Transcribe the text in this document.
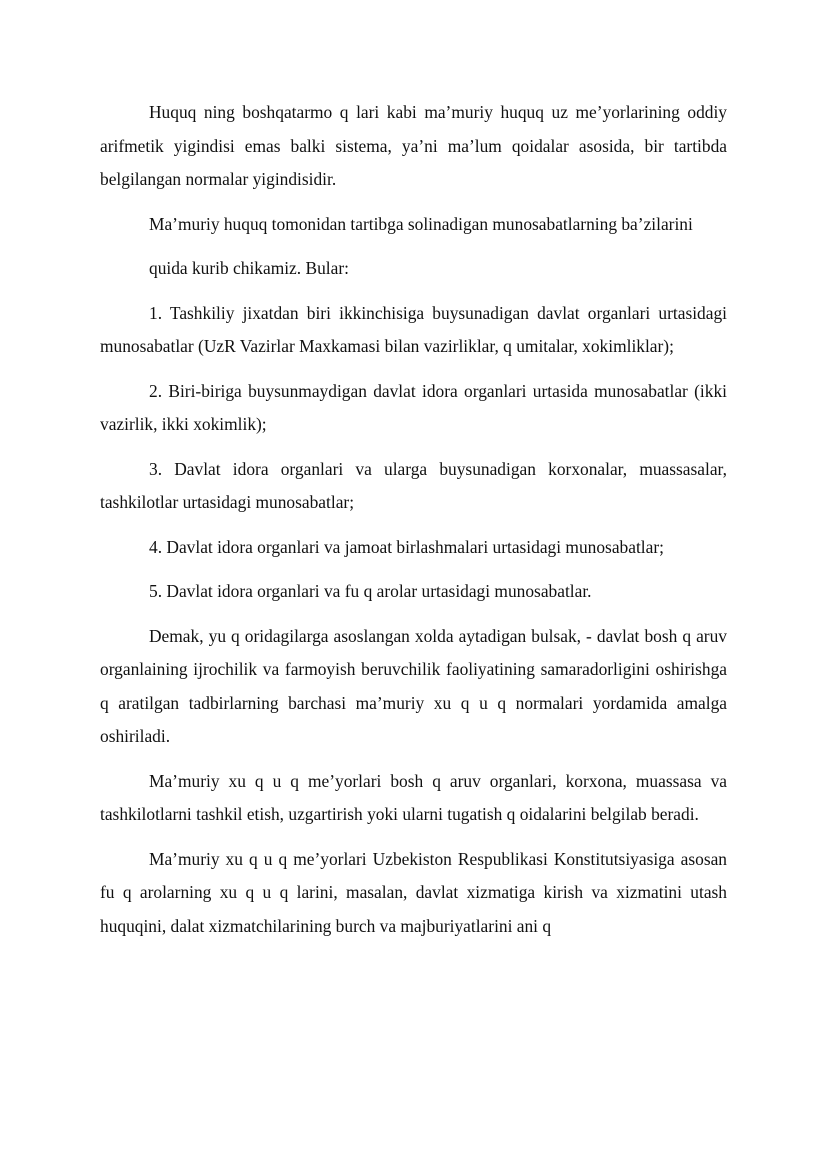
Huquq ning boshqatarmo q lari kabi ma’muriy huquq uz me’yorlarining oddiy arifmetik yigindisi emas balki sistema, ya’ni ma’lum qoidalar asosida, bir tartibda belgilangan normalar yigindisidir.

Ma’muriy huquq tomonidan tartibga solinadigan munosabatlarning ba’zilarini

quida kurib chikamiz. Bular:

1. Tashkiliy jixatdan biri ikkinchisiga buysunadigan davlat organlari urtasidagi munosabatlar (UzR Vazirlar Maxkamasi bilan vazirliklar, q umitalar, xokimliklar);

2. Biri-biriga buysunmaydigan davlat idora organlari urtasida munosabatlar (ikki vazirlik, ikki xokimlik);

3. Davlat idora organlari va ularga buysunadigan korxonalar, muassasalar, tashkilotlar urtasidagi munosabatlar;

4. Davlat idora organlari va jamoat birlashmalari urtasidagi munosabatlar;

5. Davlat idora organlari va fu q arolar urtasidagi munosabatlar.

Demak, yu q oridagilarga asoslangan xolda aytadigan bulsak, - davlat bosh q aruv organlaining ijrochilik va farmoyish beruvchilik faoliyatining samaradorligini oshirishga q aratilgan tadbirlarning barchasi ma’muriy xu q u q normalari yordamida amalga oshiriladi.

Ma’muriy xu q u q me’yorlari bosh q aruv organlari, korxona, muassasa va tashkilotlarni tashkil etish, uzgartirish yoki ularni tugatish q oidalarini belgilab beradi.

Ma’muriy xu q u q me’yorlari Uzbekiston Respublikasi Konstitutsiyasiga asosan fu q arolarning xu q u q larini, masalan, davlat xizmatiga kirish va xizmatini utash huquqini, dalat xizmatchilarining burch va majburiyatlarini ani q
